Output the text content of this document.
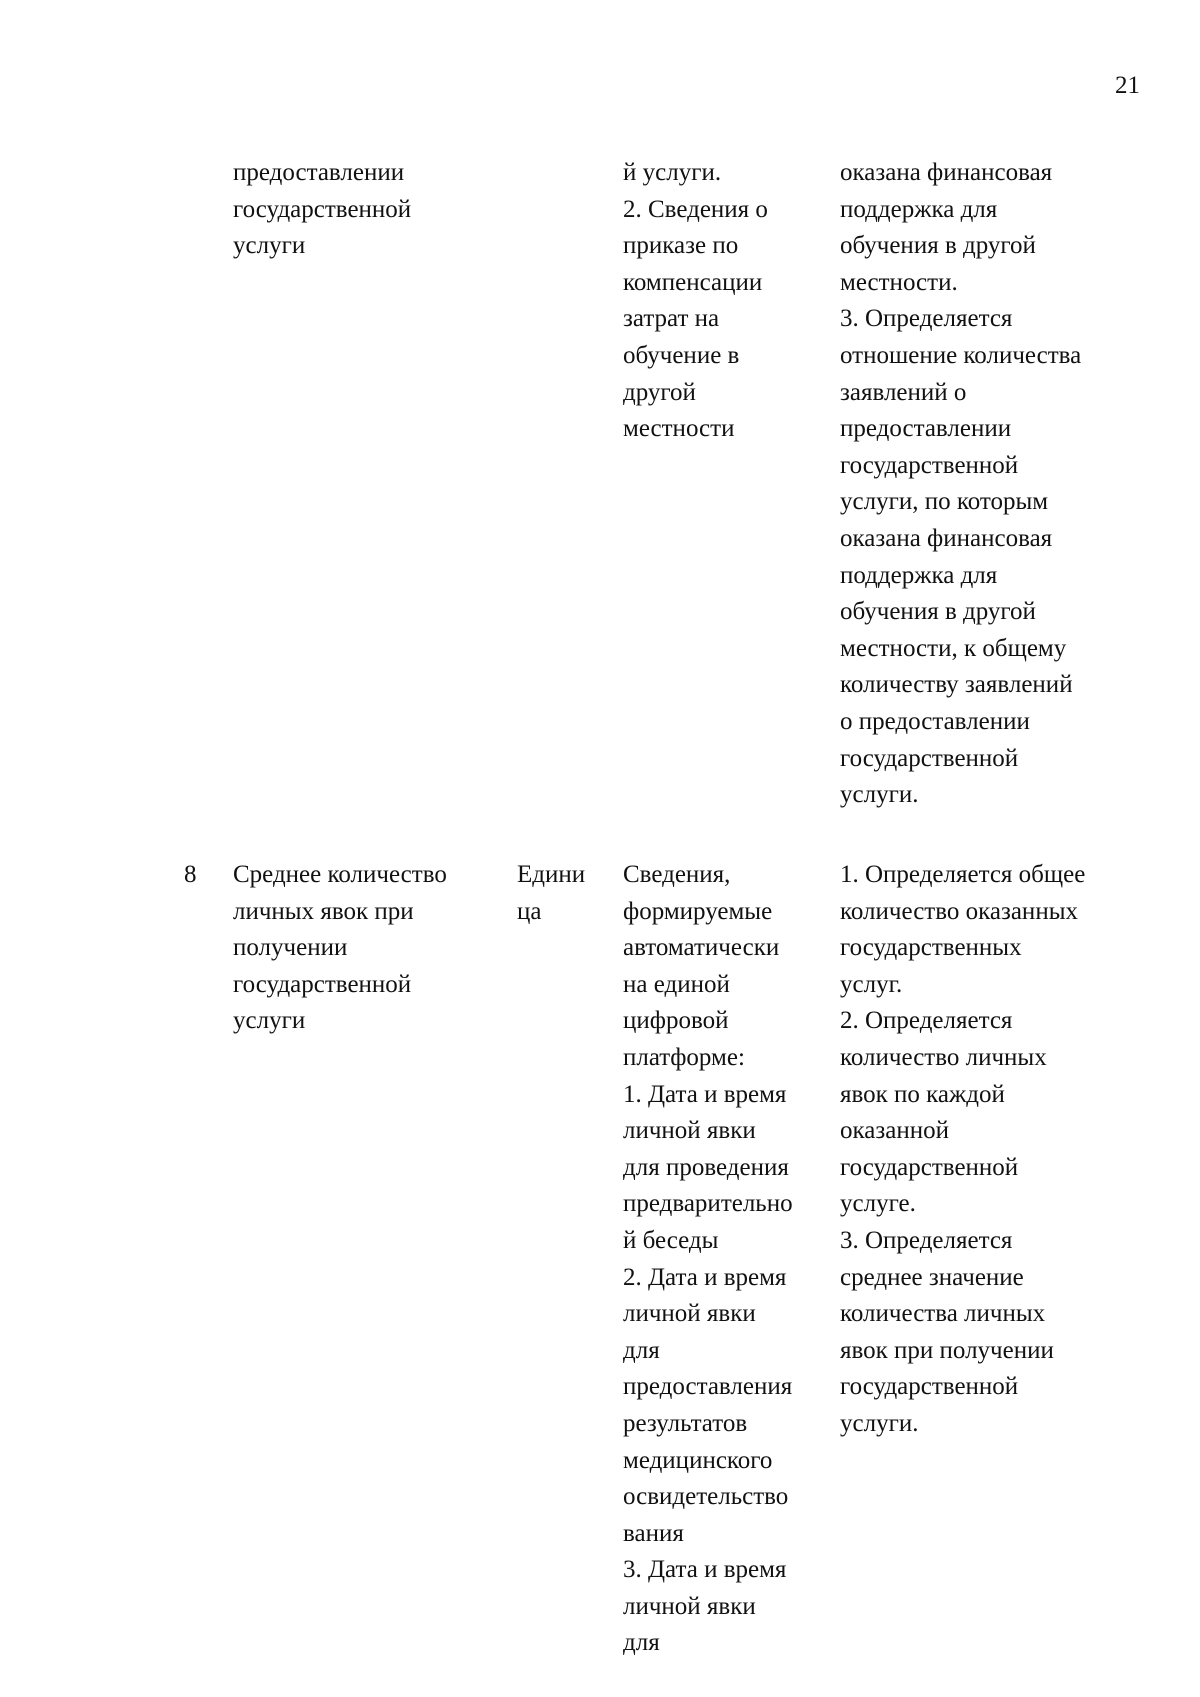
21
предоставлении
государственной
услуги
й услуги.
2. Сведения о
приказе по
компенсации
затрат на
обучение в
другой
местности
оказана финансовая
поддержка для
обучения в другой
местности.
3. Определяется
отношение количества
заявлений о
предоставлении
государственной
услуги, по которым
оказана финансовая
поддержка для
обучения в другой
местности, к общему
количеству заявлений
о предоставлении
государственной
услуги.
8 Среднее количество
личных явок при
получении
государственной
услуги
Едини
ца
Сведения,
формируемые
автоматически
на единой
цифровой
платформе:
1. Дата и время
личной явки
для проведения
предварительно
й беседы
2. Дата и время
личной явки
для
предоставления
результатов
медицинского
освидетельство
вания
3. Дата и время
личной явки
для
1. Определяется общее
количество оказанных
государственных
услуг.
2. Определяется
количество личных
явок по каждой
оказанной
государственной
услуге.
3. Определяется
среднее значение
количества личных
явок при получении
государственной
услуги.
